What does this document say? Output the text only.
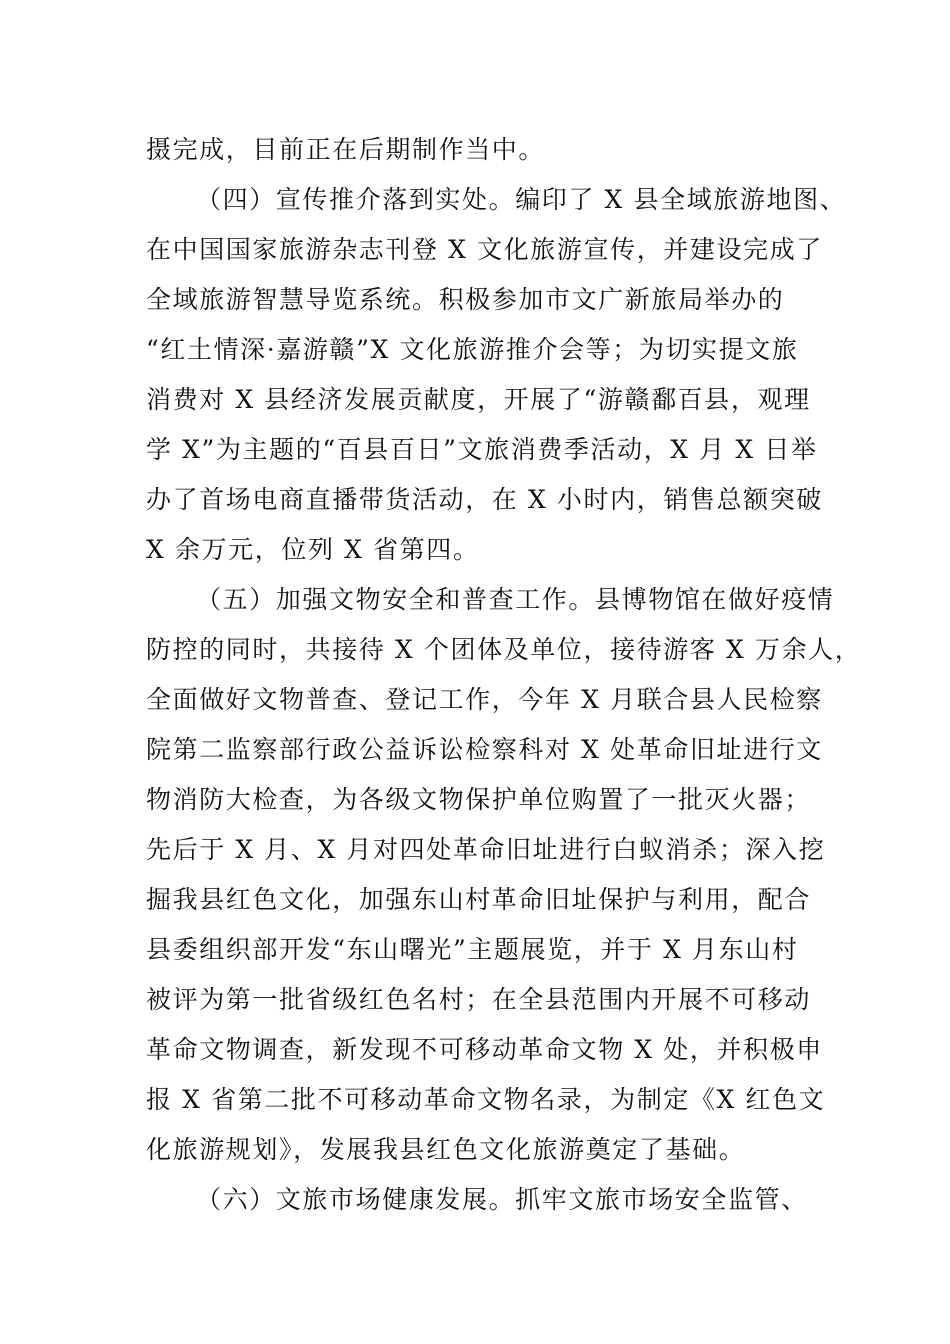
摄完成，目前正在后期制作当中。
（四）宣传推介落到实处。编印了 X 县全域旅游地图、
在中国国家旅游杂志刊登 X 文化旅游宣传，并建设完成了
全域旅游智慧导览系统。积极参加市文广新旅局举办的
“红土情深·嘉游赣”X 文化旅游推介会等；为切实提文旅
消费对 X 县经济发展贡献度，开展了“游赣鄱百县，观理
学 X”为主题的“百县百日”文旅消费季活动，X 月 X 日举
办了首场电商直播带货活动，在 X 小时内，销售总额突破
X 余万元，位列 X 省第四。
（五）加强文物安全和普查工作。县博物馆在做好疫情
防控的同时，共接待 X 个团体及单位，接待游客 X 万余人，
全面做好文物普查、登记工作，今年 X 月联合县人民检察
院第二监察部行政公益诉讼检察科对 X 处革命旧址进行文
物消防大检查，为各级文物保护单位购置了一批灭火器；
先后于 X 月、X 月对四处革命旧址进行白蚁消杀；深入挖
掘我县红色文化，加强东山村革命旧址保护与利用，配合
县委组织部开发“东山曙光”主题展览，并于 X 月东山村
被评为第一批省级红色名村；在全县范围内开展不可移动
革命文物调查，新发现不可移动革命文物 X 处，并积极申
报 X 省第二批不可移动革命文物名录，为制定《X 红色文
化旅游规划》，发展我县红色文化旅游奠定了基础。
（六）文旅市场健康发展。抓牢文旅市场安全监管、
